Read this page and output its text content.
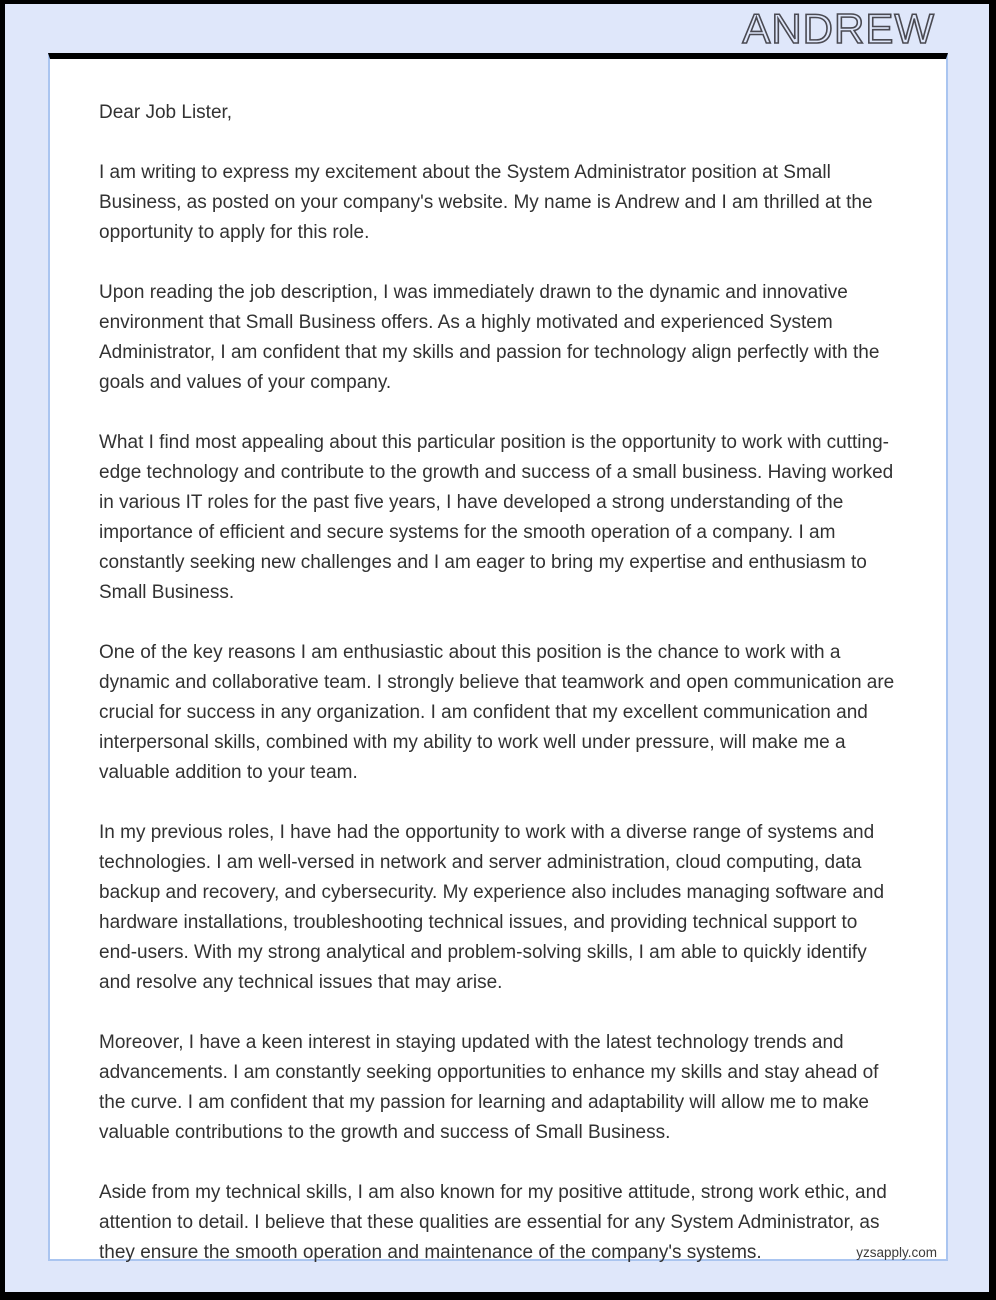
ANDREW

Dear Job Lister,

I am writing to express my excitement about the System Administrator position at Small Business, as posted on your company's website. My name is Andrew and I am thrilled at the opportunity to apply for this role.

Upon reading the job description, I was immediately drawn to the dynamic and innovative environment that Small Business offers. As a highly motivated and experienced System Administrator, I am confident that my skills and passion for technology align perfectly with the goals and values of your company.

What I find most appealing about this particular position is the opportunity to work with cutting-edge technology and contribute to the growth and success of a small business. Having worked in various IT roles for the past five years, I have developed a strong understanding of the importance of efficient and secure systems for the smooth operation of a company. I am constantly seeking new challenges and I am eager to bring my expertise and enthusiasm to Small Business.

One of the key reasons I am enthusiastic about this position is the chance to work with a dynamic and collaborative team. I strongly believe that teamwork and open communication are crucial for success in any organization. I am confident that my excellent communication and interpersonal skills, combined with my ability to work well under pressure, will make me a valuable addition to your team.

In my previous roles, I have had the opportunity to work with a diverse range of systems and technologies. I am well-versed in network and server administration, cloud computing, data backup and recovery, and cybersecurity. My experience also includes managing software and hardware installations, troubleshooting technical issues, and providing technical support to end-users. With my strong analytical and problem-solving skills, I am able to quickly identify and resolve any technical issues that may arise.

Moreover, I have a keen interest in staying updated with the latest technology trends and advancements. I am constantly seeking opportunities to enhance my skills and stay ahead of the curve. I am confident that my passion for learning and adaptability will allow me to make valuable contributions to the growth and success of Small Business.

Aside from my technical skills, I am also known for my positive attitude, strong work ethic, and attention to detail. I believe that these qualities are essential for any System Administrator, as they ensure the smooth operation and maintenance of the company's systems.	yzsapply.com
